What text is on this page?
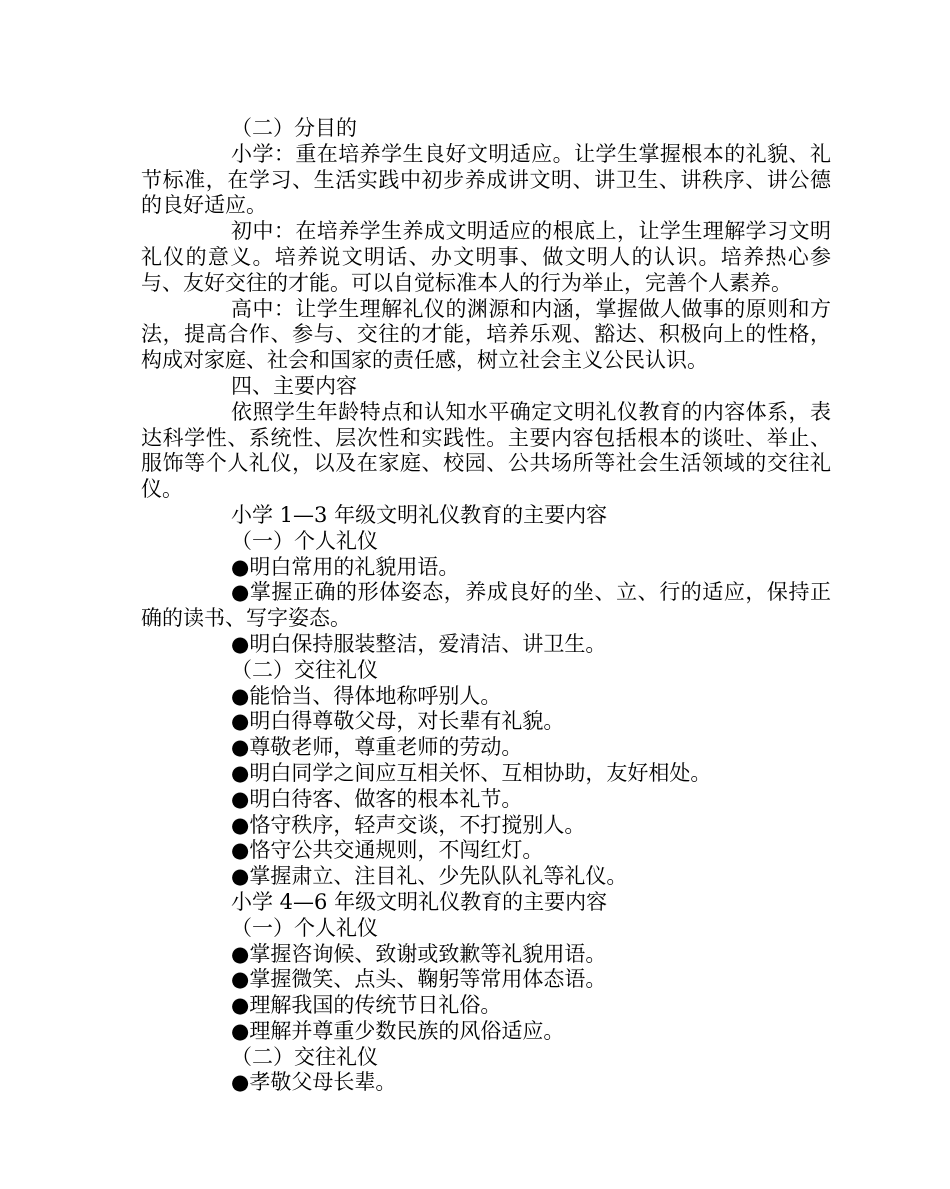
（二）分目的

小学：重在培养学生良好文明适应。让学生掌握根本的礼貌、礼节标准，在学习、生活实践中初步养成讲文明、讲卫生、讲秩序、讲公德的良好适应。

初中：在培养学生养成文明适应的根底上，让学生理解学习文明礼仪的意义。培养说文明话、办文明事、做文明人的认识。培养热心参与、友好交往的才能。可以自觉标准本人的行为举止，完善个人素养。

高中：让学生理解礼仪的渊源和内涵，掌握做人做事的原则和方法，提高合作、参与、交往的才能，培养乐观、豁达、积极向上的性格，构成对家庭、社会和国家的责任感，树立社会主义公民认识。

四、主要内容

依照学生年龄特点和认知水平确定文明礼仪教育的内容体系，表达科学性、系统性、层次性和实践性。主要内容包括根本的谈吐、举止、服饰等个人礼仪，以及在家庭、校园、公共场所等社会生活领域的交往礼仪。

小学 1—3 年级文明礼仪教育的主要内容

（一）个人礼仪

●明白常用的礼貌用语。

●掌握正确的形体姿态，养成良好的坐、立、行的适应，保持正确的读书、写字姿态。

●明白保持服装整洁，爱清洁、讲卫生。

（二）交往礼仪

●能恰当、得体地称呼别人。

●明白得尊敬父母，对长辈有礼貌。

●尊敬老师，尊重老师的劳动。

●明白同学之间应互相关怀、互相协助，友好相处。

●明白待客、做客的根本礼节。

●恪守秩序，轻声交谈，不打搅别人。

●恪守公共交通规则，不闯红灯。

●掌握肃立、注目礼、少先队队礼等礼仪。

小学 4—6 年级文明礼仪教育的主要内容

（一）个人礼仪

●掌握咨询候、致谢或致歉等礼貌用语。

●掌握微笑、点头、鞠躬等常用体态语。

●理解我国的传统节日礼俗。

●理解并尊重少数民族的风俗适应。

（二）交往礼仪

●孝敬父母长辈。
